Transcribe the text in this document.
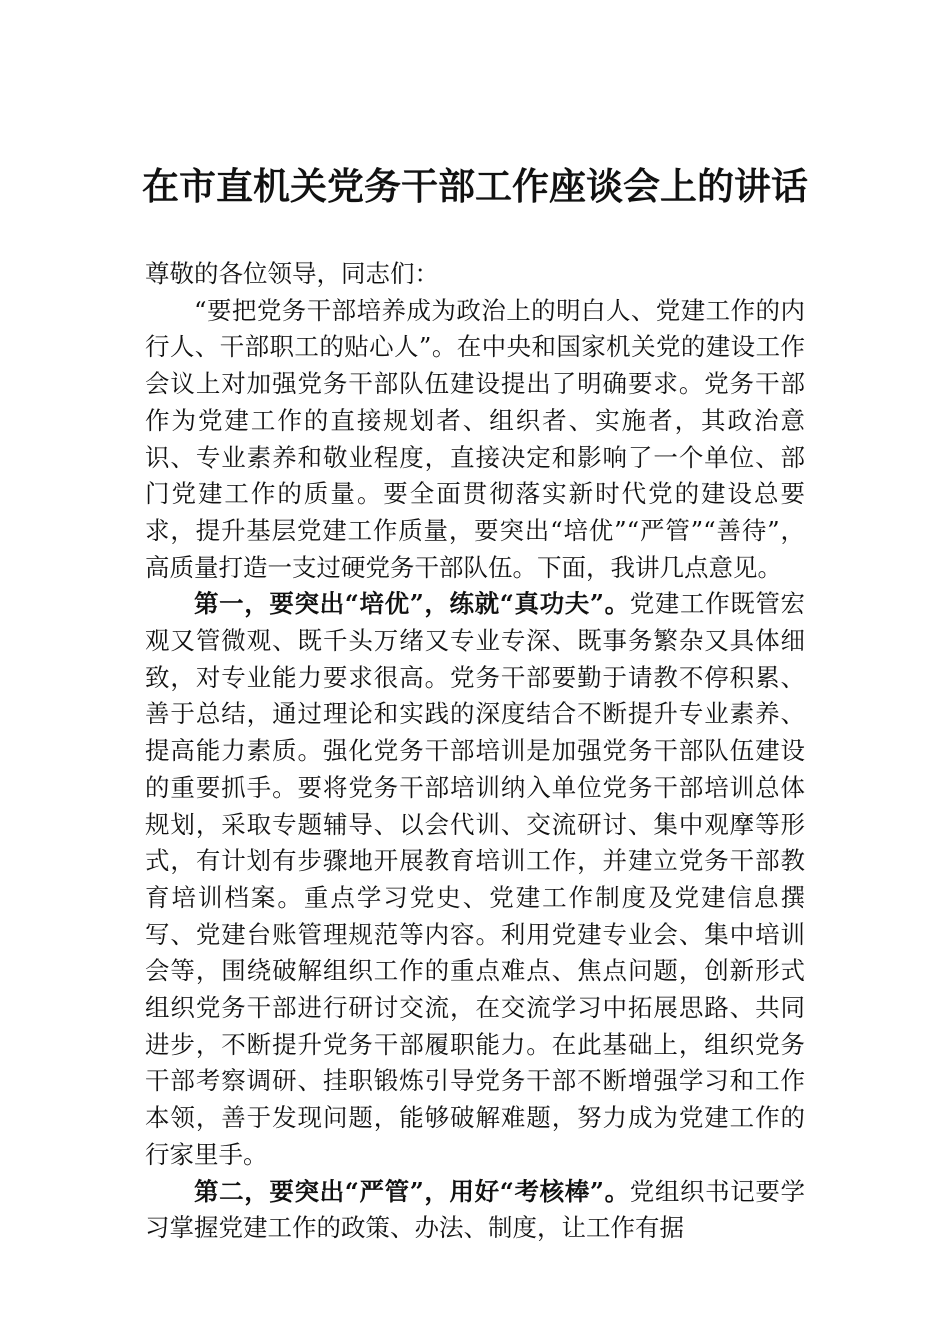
在市直机关党务干部工作座谈会上的讲话

尊敬的各位领导，同志们：

“要把党务干部培养成为政治上的明白人、党建工作的内行人、干部职工的贴心人”。在中央和国家机关党的建设工作会议上对加强党务干部队伍建设提出了明确要求。党务干部作为党建工作的直接规划者、组织者、实施者，其政治意识、专业素养和敬业程度，直接决定和影响了一个单位、部门党建工作的质量。要全面贯彻落实新时代党的建设总要求，提升基层党建工作质量，要突出“培优”“严管”“善待”，高质量打造一支过硬党务干部队伍。下面，我讲几点意见。

第一，要突出“培优”，练就“真功夫”。党建工作既管宏观又管微观、既千头万绪又专业专深、既事务繁杂又具体细致，对专业能力要求很高。党务干部要勤于请教不停积累、善于总结，通过理论和实践的深度结合不断提升专业素养、提高能力素质。强化党务干部培训是加强党务干部队伍建设的重要抓手。要将党务干部培训纳入单位党务干部培训总体规划，采取专题辅导、以会代训、交流研讨、集中观摩等形式，有计划有步骤地开展教育培训工作，并建立党务干部教育培训档案。重点学习党史、党建工作制度及党建信息撰写、党建台账管理规范等内容。利用党建专业会、集中培训会等，围绕破解组织工作的重点难点、焦点问题，创新形式组织党务干部进行研讨交流，在交流学习中拓展思路、共同进步，不断提升党务干部履职能力。在此基础上，组织党务干部考察调研、挂职锻炼引导党务干部不断增强学习和工作本领，善于发现问题，能够破解难题，努力成为党建工作的行家里手。

第二，要突出“严管”，用好“考核棒”。党组织书记要学习掌握党建工作的政策、办法、制度，让工作有据
